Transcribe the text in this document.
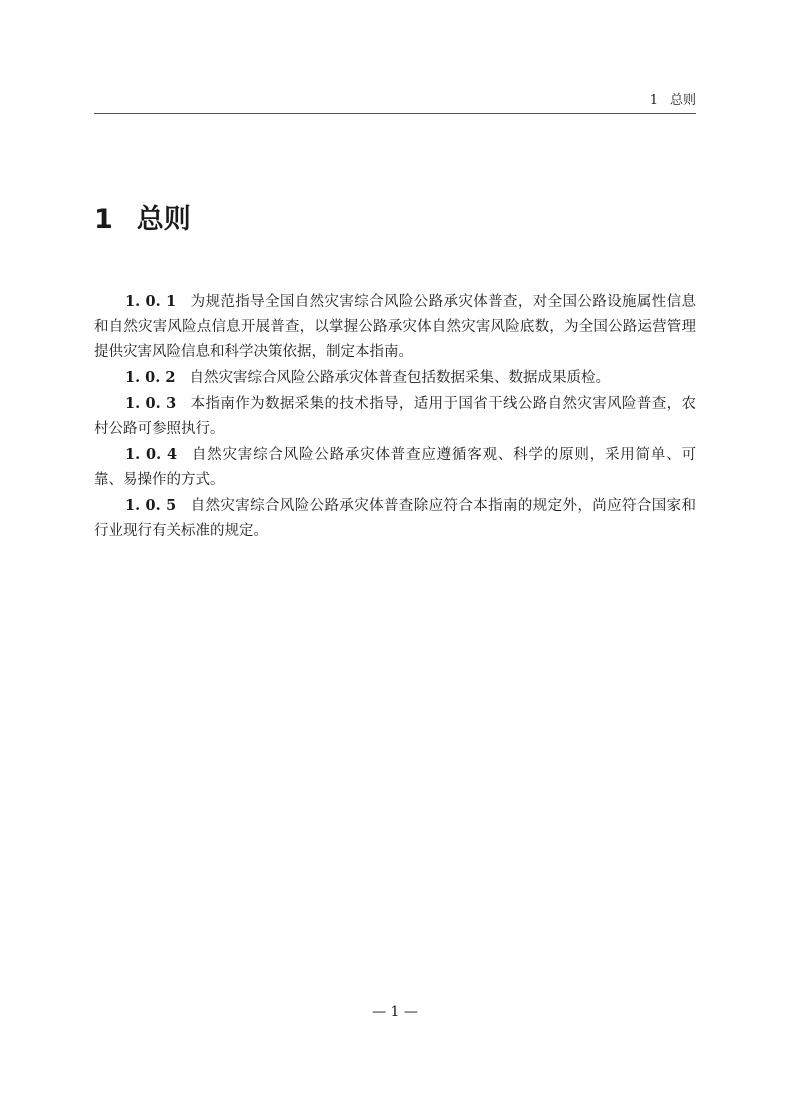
1 总则
1 总则

1. 0. 1 为规范指导全国自然灾害综合风险公路承灾体普查，对全国公路设施属性信息和自然灾害风险点信息开展普查，以掌握公路承灾体自然灾害风险底数，为全国公路运营管理提供灾害风险信息和科学决策依据，制定本指南。

1. 0. 2 自然灾害综合风险公路承灾体普查包括数据采集、数据成果质检。

1. 0. 3 本指南作为数据采集的技术指导，适用于国省干线公路自然灾害风险普查，农村公路可参照执行。

1. 0. 4 自然灾害综合风险公路承灾体普查应遵循客观、科学的原则，采用简单、可靠、易操作的方式。

1. 0. 5 自然灾害综合风险公路承灾体普查除应符合本指南的规定外，尚应符合国家和行业现行有关标准的规定。

— 1 —
